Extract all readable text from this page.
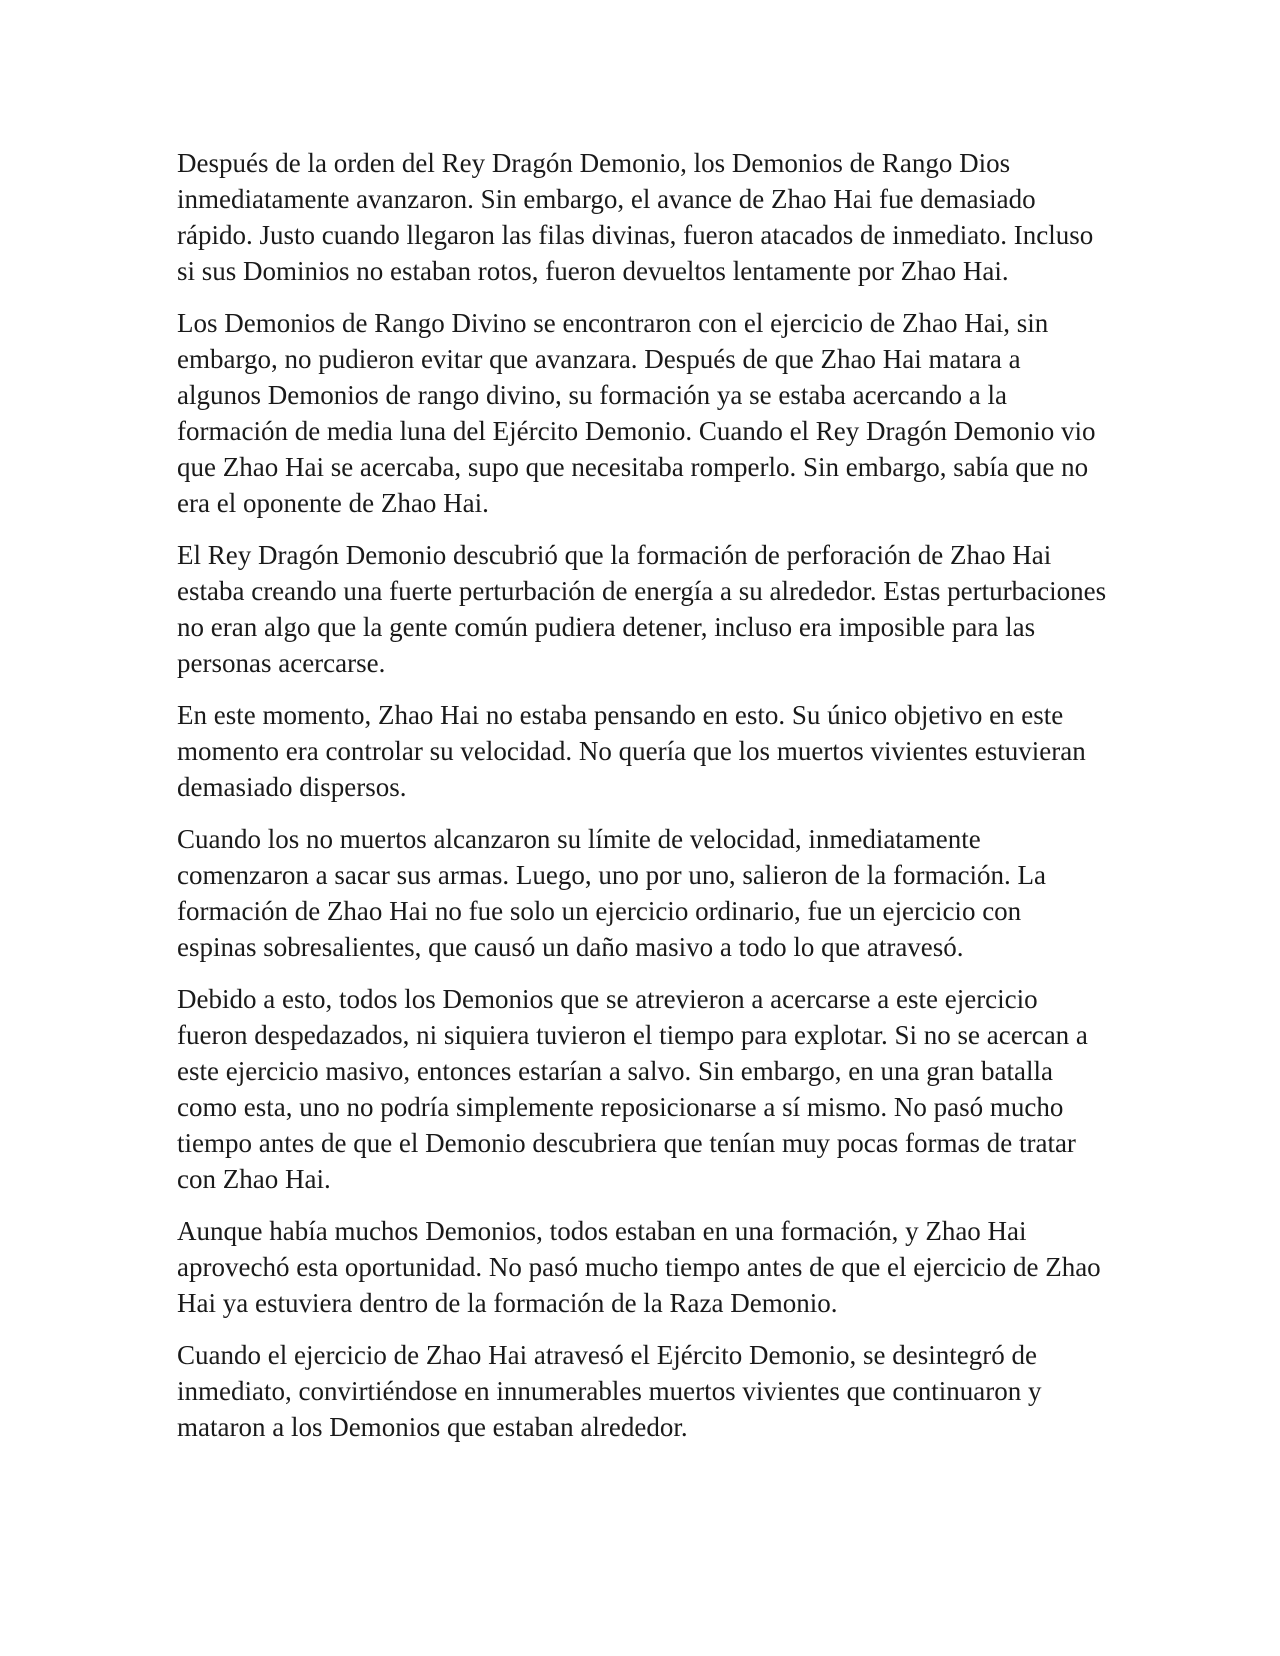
Después de la orden del Rey Dragón Demonio, los Demonios de Rango Dios inmediatamente avanzaron. Sin embargo, el avance de Zhao Hai fue demasiado rápido. Justo cuando llegaron las filas divinas, fueron atacados de inmediato. Incluso si sus Dominios no estaban rotos, fueron devueltos lentamente por Zhao Hai.

Los Demonios de Rango Divino se encontraron con el ejercicio de Zhao Hai, sin embargo, no pudieron evitar que avanzara. Después de que Zhao Hai matara a algunos Demonios de rango divino, su formación ya se estaba acercando a la formación de media luna del Ejército Demonio. Cuando el Rey Dragón Demonio vio que Zhao Hai se acercaba, supo que necesitaba romperlo. Sin embargo, sabía que no era el oponente de Zhao Hai.

El Rey Dragón Demonio descubrió que la formación de perforación de Zhao Hai estaba creando una fuerte perturbación de energía a su alrededor. Estas perturbaciones no eran algo que la gente común pudiera detener, incluso era imposible para las personas acercarse.

En este momento, Zhao Hai no estaba pensando en esto. Su único objetivo en este momento era controlar su velocidad. No quería que los muertos vivientes estuvieran demasiado dispersos.

Cuando los no muertos alcanzaron su límite de velocidad, inmediatamente comenzaron a sacar sus armas. Luego, uno por uno, salieron de la formación. La formación de Zhao Hai no fue solo un ejercicio ordinario, fue un ejercicio con espinas sobresalientes, que causó un daño masivo a todo lo que atravesó.

Debido a esto, todos los Demonios que se atrevieron a acercarse a este ejercicio fueron despedazados, ni siquiera tuvieron el tiempo para explotar. Si no se acercan a este ejercicio masivo, entonces estarían a salvo. Sin embargo, en una gran batalla como esta, uno no podría simplemente reposicionarse a sí mismo. No pasó mucho tiempo antes de que el Demonio descubriera que tenían muy pocas formas de tratar con Zhao Hai.

Aunque había muchos Demonios, todos estaban en una formación, y Zhao Hai aprovechó esta oportunidad. No pasó mucho tiempo antes de que el ejercicio de Zhao Hai ya estuviera dentro de la formación de la Raza Demonio.

Cuando el ejercicio de Zhao Hai atravesó el Ejército Demonio, se desintegró de inmediato, convirtiéndose en innumerables muertos vivientes que continuaron y mataron a los Demonios que estaban alrededor.
